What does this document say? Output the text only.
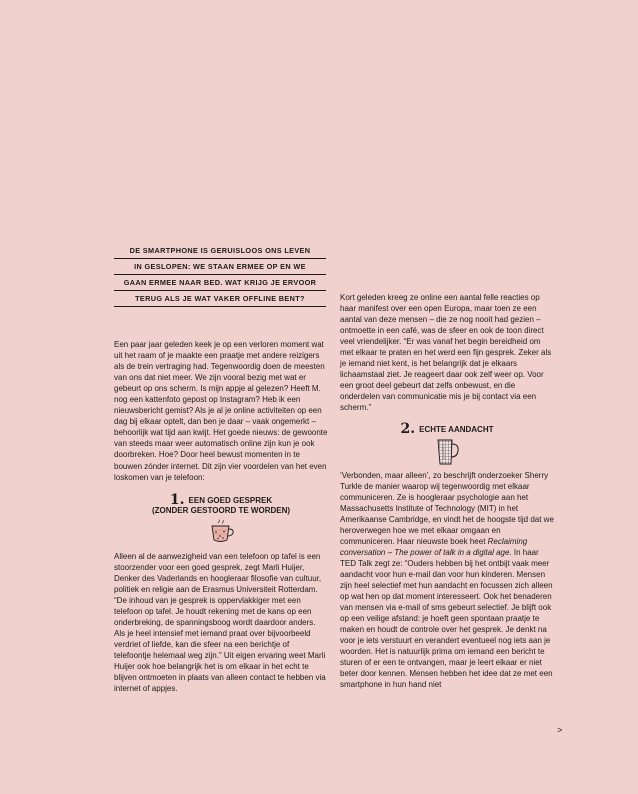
DE SMARTPHONE IS GERUISLOOS ONS LEVEN
IN GESLOPEN: WE STAAN ERMEE OP EN WE
GAAN ERMEE NAAR BED. WAT KRIJG JE ERVOOR
TERUG ALS JE WAT VAKER OFFLINE BENT?

Een paar jaar geleden keek je op een verloren moment wat uit het raam of je maakte een praatje met andere reizigers als de trein vertraging had. Tegenwoordig doen de meesten van ons dat niet meer. We zijn vooral bezig met wat er gebeurt op ons scherm. Is mijn appje al gelezen? Heeft M. nog een kattenfoto gepost op Instagram? Heb ik een nieuwsbericht gemist? Als je al je online activiteiten op een dag bij elkaar optelt, dan ben je daar – vaak ongemerkt – behoorlijk wat tijd aan kwijt. Het goede nieuws: de gewoonte van steeds maar weer automatisch online zijn kun je ook doorbreken. Hoe? Door heel bewust momenten in te bouwen zónder internet. Dit zijn vier voordelen van het even loskomen van je telefoon:

1. EEN GOED GESPREK
(ZONDER GESTOORD TE WORDEN)

Alleen al de aanwezigheid van een telefoon op tafel is een stoorzender voor een goed gesprek, zegt Marli Huijer, Denker des Vaderlands en hoogleraar filosofie van cultuur, politiek en religie aan de Erasmus Universiteit Rotterdam. “De inhoud van je gesprek is oppervlakkiger met een telefoon op tafel. Je houdt rekening met de kans op een onderbreking, de spanningsboog wordt daardoor anders. Als je heel intensief met iemand praat over bijvoorbeeld verdriet of liefde, kan die sfeer na een berichtje of telefoontje helemaal weg zijn.” Uit eigen ervaring weet Marli Huijer ook hoe belangrijk het is om elkaar in het echt te blijven ontmoeten in plaats van alleen contact te hebben via internet of appjes.

Kort geleden kreeg ze online een aantal felle reacties op haar manifest over een open Europa, maar toen ze een aantal van deze mensen – die ze nog nooit had gezien – ontmoette in een café, was de sfeer en ook de toon direct veel vriendelijker. “Er was vanaf het begin bereidheid om met elkaar te praten en het werd een fijn gesprek. Zeker als je iemand niet kent, is het belangrijk dat je elkaars lichaamstaal ziet. Je reageert daar ook zelf weer op. Voor een groot deel gebeurt dat zelfs onbewust, en die onderdelen van communicatie mis je bij contact via een scherm.”

2. ECHTE AANDACHT

‘Verbonden, maar alleen’, zo beschrijft onderzoeker Sherry Turkle de manier waarop wij tegenwoordig met elkaar communiceren. Ze is hoogleraar psychologie aan het Massachusetts Institute of Technology (MIT) in het Amerikaanse Cambridge, en vindt het de hoogste tijd dat we heroverwegen hoe we met elkaar omgaan en communiceren. Haar nieuwste boek heet Reclaiming conversation – The power of talk in a digital age. In haar TED Talk zegt ze: “Ouders hebben bij het ontbijt vaak meer aandacht voor hun e-mail dan voor hun kinderen. Mensen zijn heel selectief met hun aandacht en focussen zich alleen op wat hen op dat moment interesseert. Ook het benaderen van mensen via e-mail of sms gebeurt selectief. Je blijft ook op een veilige afstand: je hoeft geen spontaan praatje te maken en houdt de controle over het gesprek. Je denkt na voor je iets verstuurt en verandert eventueel nog iets aan je woorden. Het is natuurlijk prima om iemand een bericht te sturen of er een te ontvangen, maar je leert elkaar er niet beter door kennen. Mensen hebben het idee dat ze met een smartphone in hun hand niet

>
